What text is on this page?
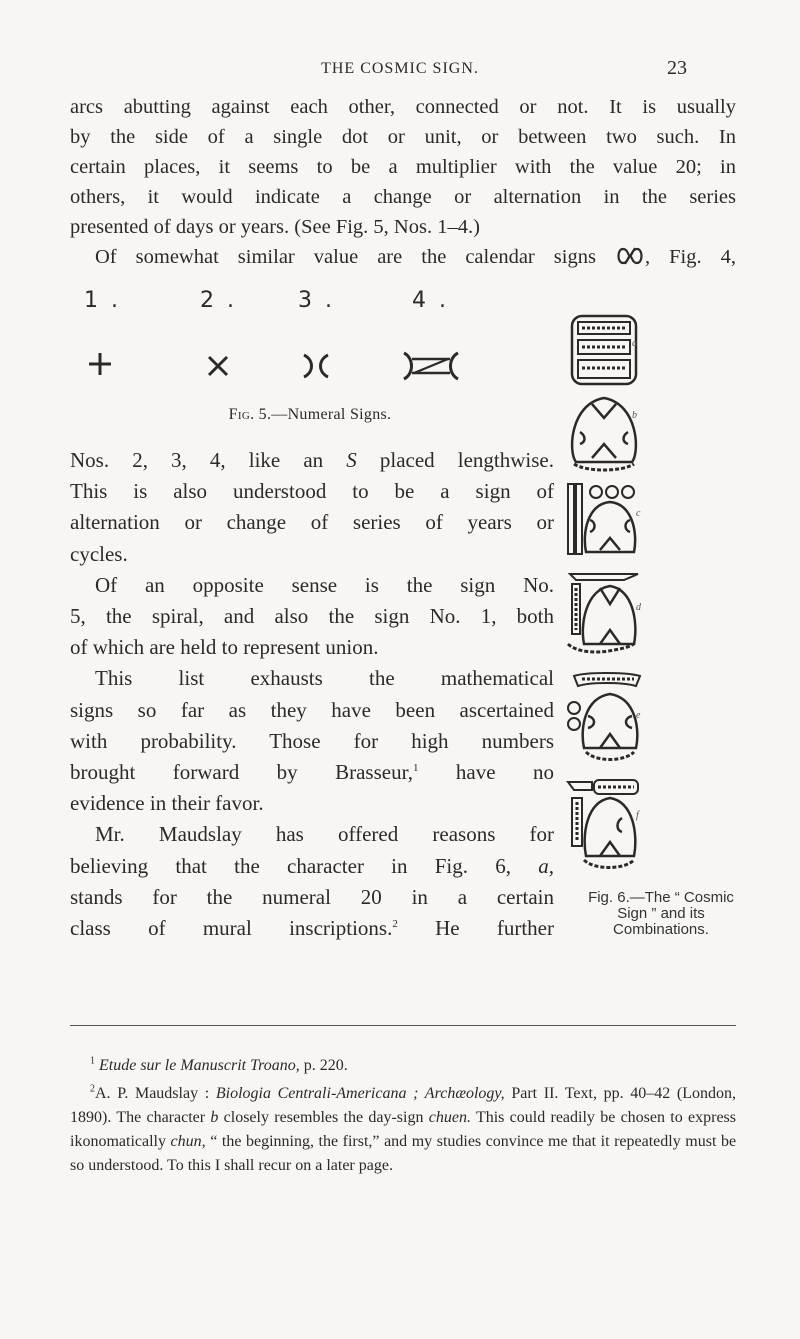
THE COSMIC SIGN.	23
arcs abutting against each other, connected or not. It is usually
by the side of a single dot or unit, or between two such. In
certain places, it seems to be a multiplier with the value 20; in
others, it would indicate a change or alternation in the series
presented of days or years. (See Fig. 5, Nos. 1–4.)
Of somewhat similar value are the calendar signs , Fig. 4,
1 .	2 .	3 .	4 .
Fig. 5.—Numeral Signs.
Nos. 2, 3, 4, like an S placed lengthwise.
This is also understood to be a sign of
alternation or change of series of years or
cycles.
Of an opposite sense is the sign No.
5, the spiral, and also the sign No. 1, both
of which are held to represent union.
This list exhausts the mathematical
signs so far as they have been ascertained
with probability. Those for high numbers
brought forward by Brasseur,$^1$ have no
evidence in their favor.
Mr. Maudslay has offered reasons for
believing that the character in Fig. 6, a,
stands for the numeral 20 in a certain
class of mural inscriptions.$^2$ He further
a
b
c
d
e
f
Fig. 6.—The “ Cosmic Sign ” and its Combinations.

$^1$ Etude sur le Manuscrit Troano, p. 220.

$^2$A. P. Maudslay : Biologia Centrali-Americana ; Archæology, Part II. Text, pp. 40–42 (London, 1890). The character b closely resembles the day-sign chuen. This could readily be chosen to express ikonomatically chun, “ the beginning, the first,” and my studies convince me that it repeatedly must be so understood. To this I shall recur on a later page.
